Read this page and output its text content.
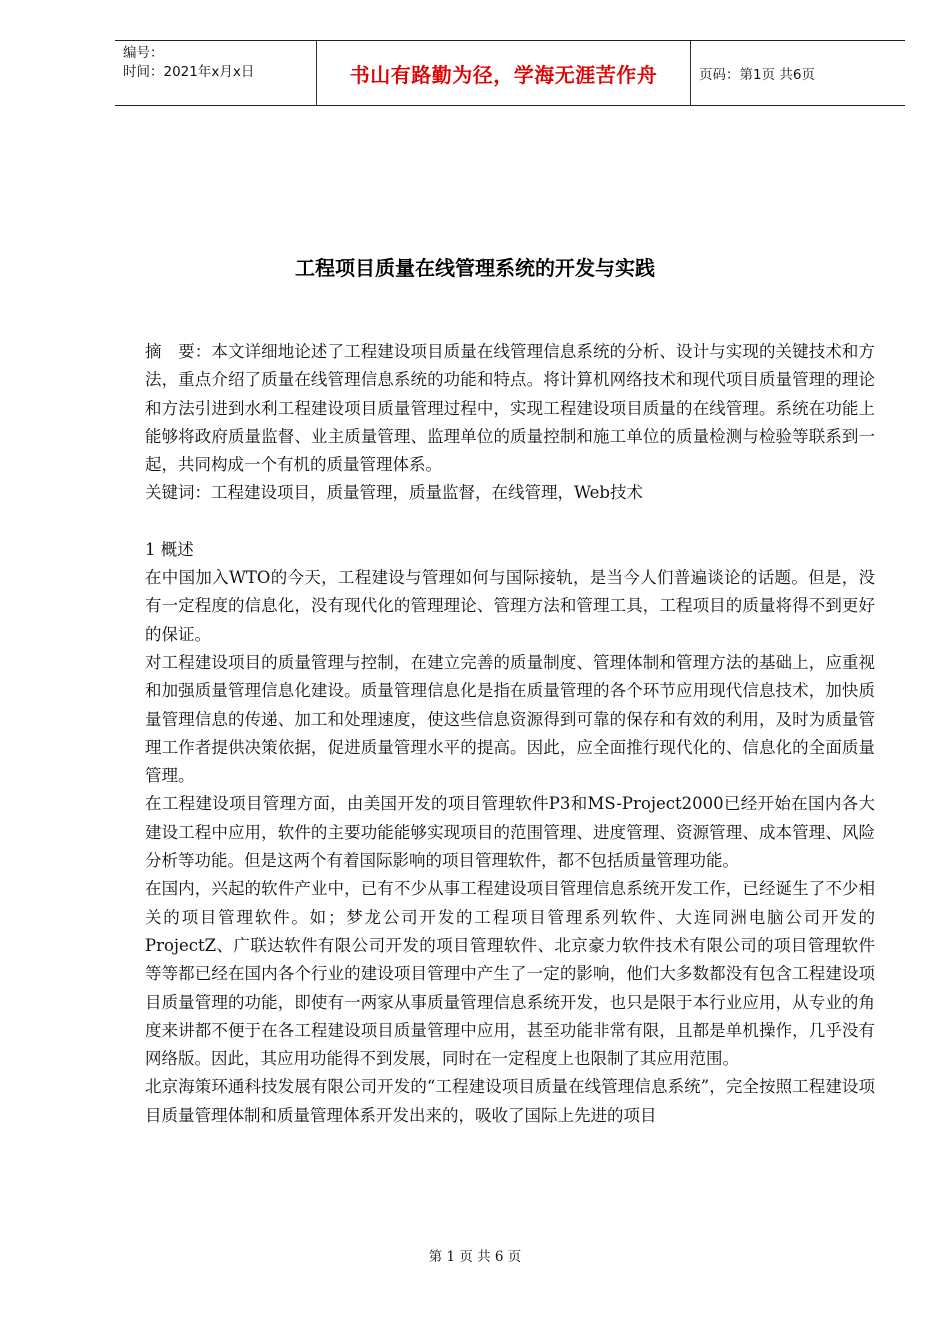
编号：
时间：2021年x月x日	书山有路勤为径，学海无涯苦作舟	页码：第1页 共6页
工程项目质量在线管理系统的开发与实践

摘　要：本文详细地论述了工程建设项目质量在线管理信息系统的分析、设计与实现的关键技术和方法，重点介绍了质量在线管理信息系统的功能和特点。将计算机网络技术和现代项目质量管理的理论和方法引进到水利工程建设项目质量管理过程中，实现工程建设项目质量的在线管理。系统在功能上能够将政府质量监督、业主质量管理、监理单位的质量控制和施工单位的质量检测与检验等联系到一起，共同构成一个有机的质量管理体系。

关键词：工程建设项目，质量管理，质量监督，在线管理，Web技术

1 概述

在中国加入WTO的今天，工程建设与管理如何与国际接轨，是当今人们普遍谈论的话题。但是，没有一定程度的信息化，没有现代化的管理理论、管理方法和管理工具，工程项目的质量将得不到更好的保证。

对工程建设项目的质量管理与控制，在建立完善的质量制度、管理体制和管理方法的基础上，应重视和加强质量管理信息化建设。质量管理信息化是指在质量管理的各个环节应用现代信息技术，加快质量管理信息的传递、加工和处理速度，使这些信息资源得到可靠的保存和有效的利用，及时为质量管理工作者提供决策依据，促进质量管理水平的提高。因此，应全面推行现代化的、信息化的全面质量管理。

在工程建设项目管理方面，由美国开发的项目管理软件P3和MS-Project2000已经开始在国内各大建设工程中应用，软件的主要功能能够实现项目的范围管理、进度管理、资源管理、成本管理、风险分析等功能。但是这两个有着国际影响的项目管理软件，都不包括质量管理功能。

在国内，兴起的软件产业中，已有不少从事工程建设项目管理信息系统开发工作，已经诞生了不少相关的项目管理软件。如；梦龙公司开发的工程项目管理系列软件、大连同洲电脑公司开发的ProjectZ、广联达软件有限公司开发的项目管理软件、北京豪力软件技术有限公司的项目管理软件等等都已经在国内各个行业的建设项目管理中产生了一定的影响，他们大多数都没有包含工程建设项目质量管理的功能，即使有一两家从事质量管理信息系统开发，也只是限于本行业应用，从专业的角度来讲都不便于在各工程建设项目质量管理中应用，甚至功能非常有限，且都是单机操作，几乎没有网络版。因此，其应用功能得不到发展，同时在一定程度上也限制了其应用范围。

北京海策环通科技发展有限公司开发的“工程建设项目质量在线管理信息系统”，完全按照工程建设项目质量管理体制和质量管理体系开发出来的，吸收了国际上先进的项目

第 1 页 共 6 页
